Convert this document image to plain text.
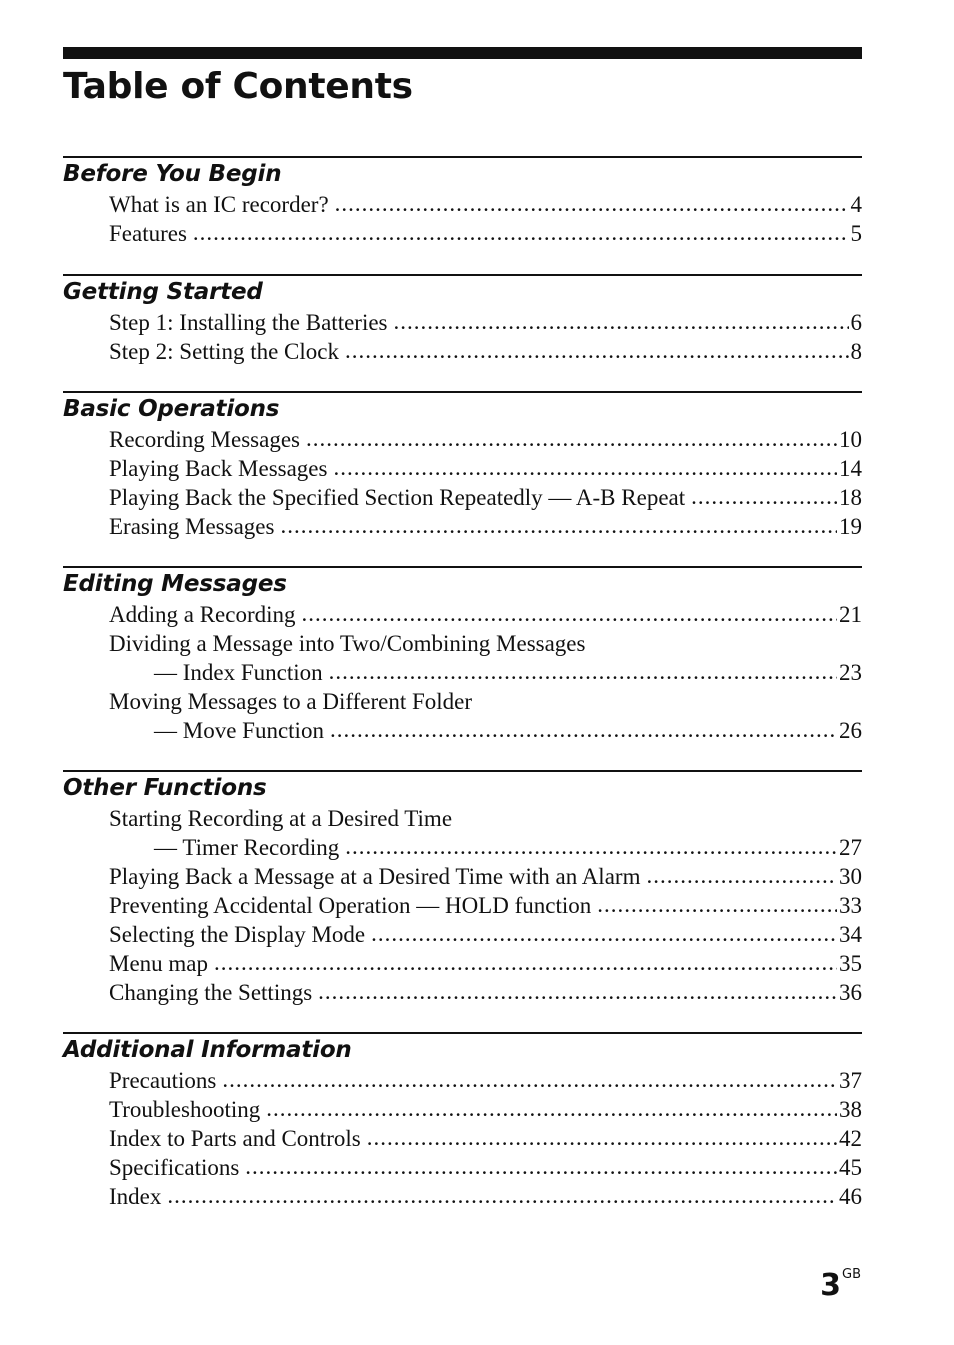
Table of Contents
Before You Begin
What is an IC recorder? .....	4
Features .....	5
Getting Started
Step 1: Installing the Batteries .....	6
Step 2: Setting the Clock .....	8
Basic Operations
Recording Messages .....	10
Playing Back Messages .....	14
Playing Back the Specified Section Repeatedly — A-B Repeat .....	18
Erasing Messages .....	19
Editing Messages
Adding a Recording .....	21
Dividing a Message into Two/Combining Messages
— Index Function .....	23
Moving Messages to a Different Folder
— Move Function .....	26
Other Functions
Starting Recording at a Desired Time
— Timer Recording .....	27
Playing Back a Message at a Desired Time with an Alarm .....	30
Preventing Accidental Operation — HOLD function .....	33
Selecting the Display Mode .....	34
Menu map .....	35
Changing the Settings .....	36
Additional Information
Precautions .....	37
Troubleshooting .....	38
Index to Parts and Controls .....	42
Specifications .....	45
Index .....	46
$3^{GB}$
